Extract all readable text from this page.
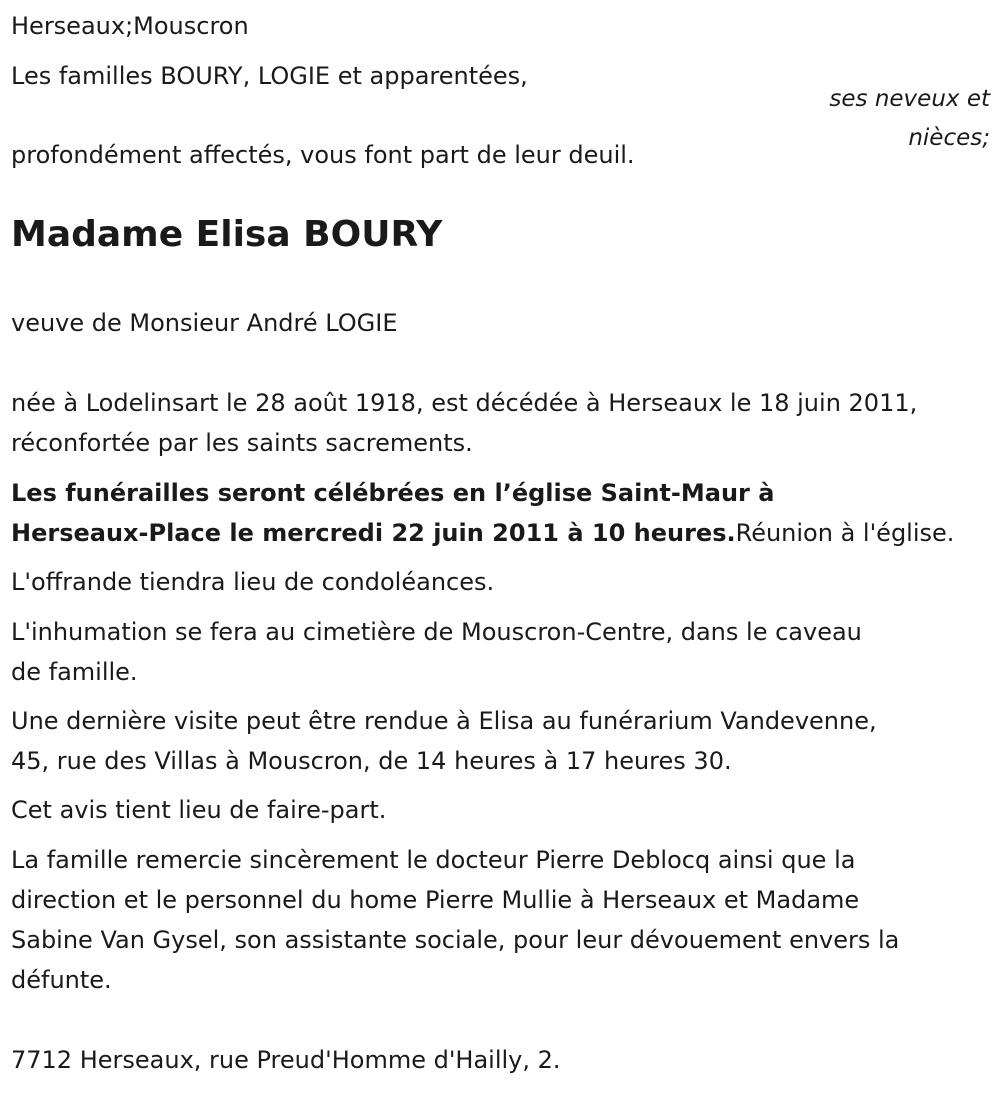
Herseaux;Mouscron

Les familles BOURY, LOGIE et apparentées,

ses neveux et nièces;

profondément affectés, vous font part de leur deuil.

Madame Elisa BOURY

veuve de Monsieur André LOGIE

née à Lodelinsart le 28 août 1918, est décédée à Herseaux le 18 juin 2011,
réconfortée par les saints sacrements.
Les funérailles seront célébrées en l’église Saint-Maur à
Herseaux-Place le mercredi 22 juin 2011 à 10 heures.Réunion à l'église.

L'offrande tiendra lieu de condoléances.

L'inhumation se fera au cimetière de Mouscron-Centre, dans le caveau
de famille.
Une dernière visite peut être rendue à Elisa au funérarium Vandevenne,
45, rue des Villas à Mouscron, de 14 heures à 17 heures 30.

Cet avis tient lieu de faire-part.

La famille remercie sincèrement le docteur Pierre Deblocq ainsi que la
direction et le personnel du home Pierre Mullie à Herseaux et Madame
Sabine Van Gysel, son assistante sociale, pour leur dévouement envers la
défunte.

7712 Herseaux, rue Preud'Homme d'Hailly, 2.
